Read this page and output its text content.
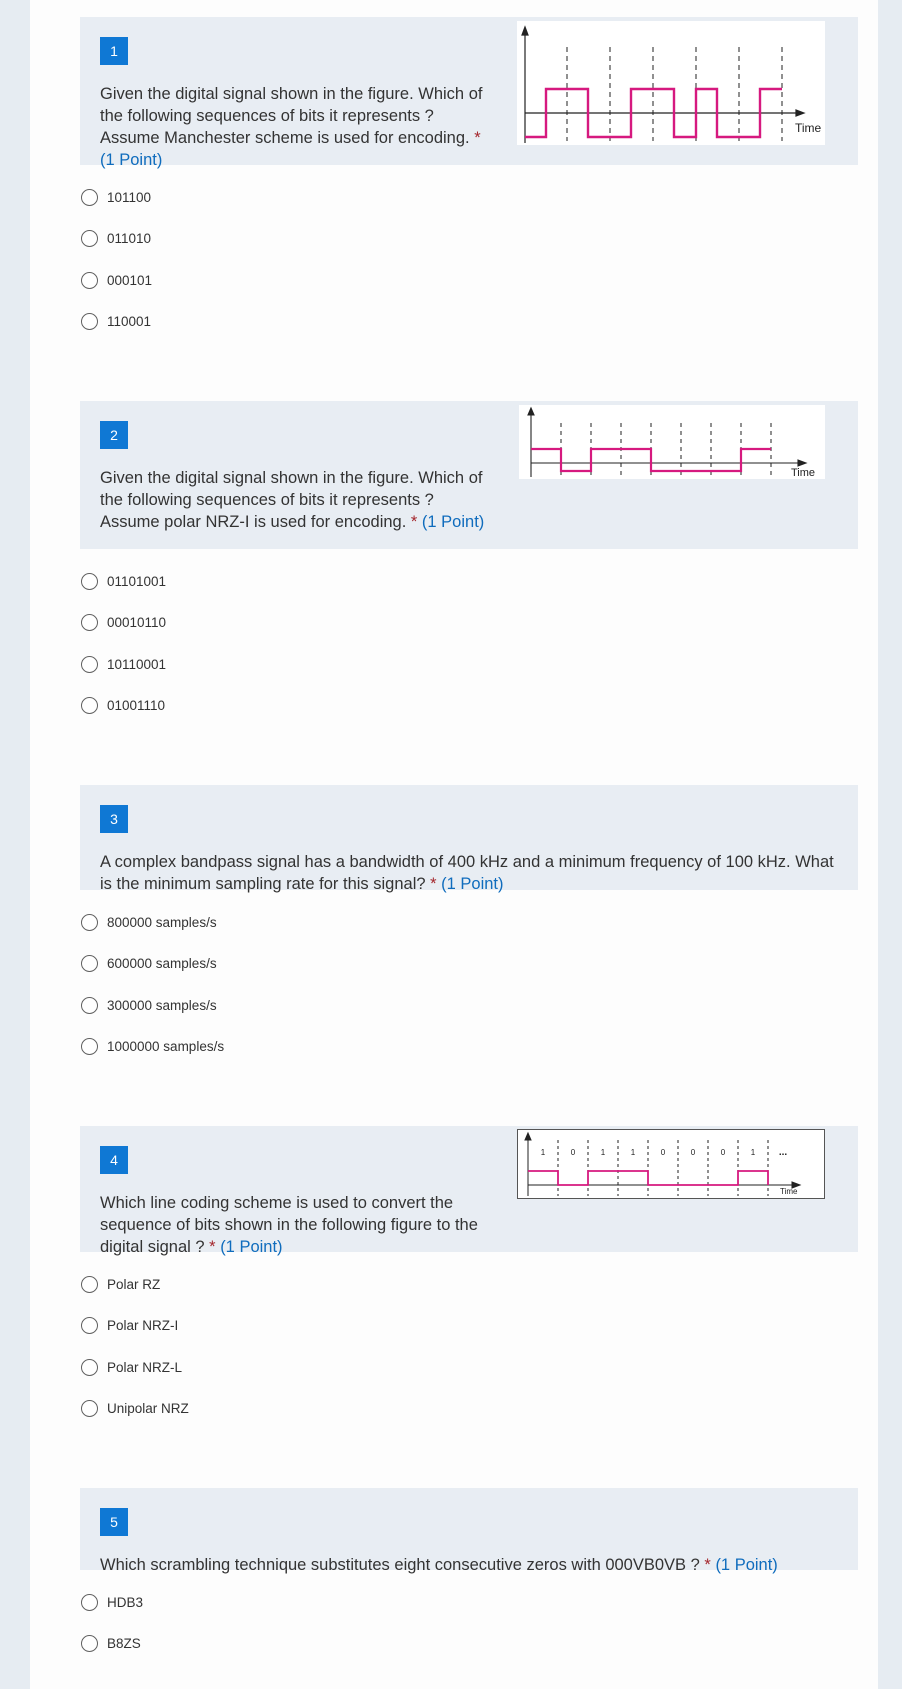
1
Given the digital signal shown in the figure. Which of the following sequences of bits it represents ? Assume Manchester scheme is used for encoding. * (1 Point)
Time
101100
011010
000101
110001
2
Given the digital signal shown in the figure. Which of the following sequences of bits it represents ? Assume polar NRZ-I is used for encoding. * (1 Point)
Time
01101001
00010110
10110001
01001110
3
A complex bandpass signal has a bandwidth of 400 kHz and a minimum frequency of 100 kHz. What is the minimum sampling rate for this signal? * (1 Point)
800000 samples/s
600000 samples/s
300000 samples/s
1000000 samples/s
4
Which line coding scheme is used to convert the sequence of bits shown in the following figure to the digital signal ? * (1 Point)
1	0	1	1	0	0	0	1 ...
Time
Polar RZ
Polar NRZ-I
Polar NRZ-L
Unipolar NRZ
5
Which scrambling technique substitutes eight consecutive zeros with 000VB0VB ? * (1 Point)
HDB3
B8ZS
